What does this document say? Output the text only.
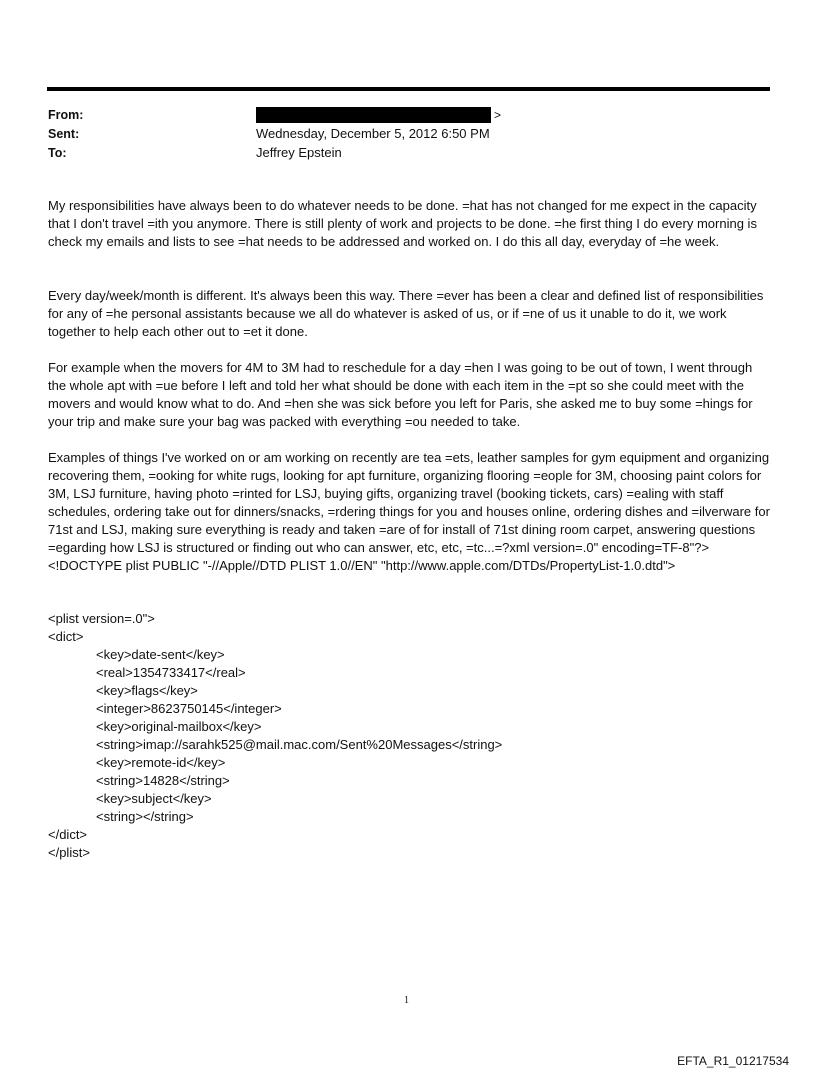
From:
Sent:
To:
>
Wednesday, December 5, 2012 6:50 PM
Jeffrey Epstein

My responsibilities have always been to do whatever needs to be done. =hat has not changed for me expect in the capacity that I don't travel =ith you anymore. There is still plenty of work and projects to be done. =he first thing I do every morning is check my emails and lists to see =hat needs to be addressed and worked on. I do this all day, everyday of =he week.

Every day/week/month is different. It's always been this way. There =ever has been a clear and defined list of responsibilities for any of =he personal assistants because we all do whatever is asked of us, or if =ne of us it unable to do it, we work together to help each other out to =et it done.

For example when the movers for 4M to 3M had to reschedule for a day =hen I was going to be out of town, I went through the whole apt with =ue before I left and told her what should be done with each item in the =pt so she could meet with the movers and would know what to do. And =hen she was sick before you left for Paris, she asked me to buy some =hings for your trip and make sure your bag was packed with everything =ou needed to take.

Examples of things I've worked on or am working on recently are tea =ets, leather samples for gym equipment and organizing recovering them, =ooking for white rugs, looking for apt furniture, organizing flooring =eople for 3M, choosing paint colors for 3M, LSJ furniture, having photo =rinted for LSJ, buying gifts, organizing travel (booking tickets, cars) =ealing with staff schedules, ordering take out for dinners/snacks, =rdering things for you and houses online, ordering dishes and =ilverware for 71st and LSJ, making sure everything is ready and taken =are of for install of 71st dining room carpet, answering questions =egarding how LSJ is structured or finding out who can answer, etc, etc, =tc...=?xml version=.0" encoding=TF-8"?> <!DOCTYPE plist PUBLIC "-//Apple//DTD PLIST 1.0//EN" "http://www.apple.com/DTDs/PropertyList-1.0.dtd">

<plist version=.0">
<dict>
<key>date-sent</key>
<real>1354733417</real>
<key>flags</key>
<integer>8623750145</integer>
<key>original-mailbox</key>
<string>imap://sarahk525@mail.mac.com/Sent%20Messages</string>
<key>remote-id</key>
<string>14828</string>
<key>subject</key>
<string></string>
</dict>
</plist>
1
EFTA_R1_01217534
